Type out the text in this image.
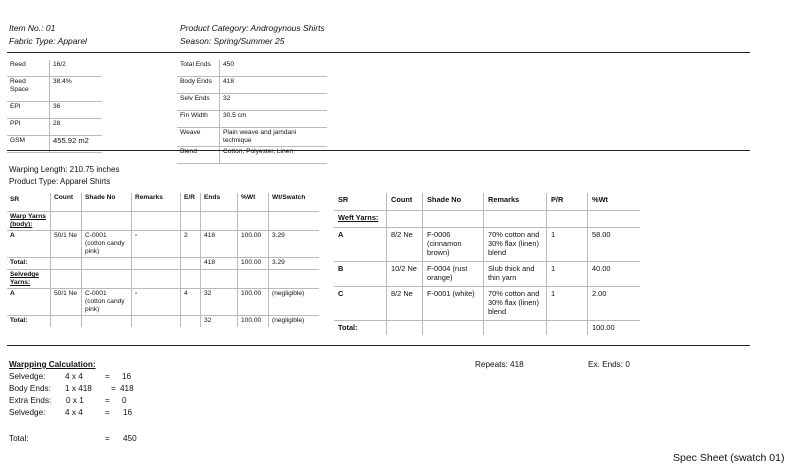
Item No.: 01
Fabric Type: Apparel
Product Category: Androgynous Shirts
Season: Spring/Summer 25
Reed	16/2
Reed Space	38.4%
EPI	36
PPI	28
GSM	455.92 m2
Total Ends	450
Body Ends	418
Selv Ends	32
Fin Width	30.5 cm
Weave	Plain weave and jamdani technique
Blend	Cotton, Polyester, Linen
Warping Length: 210.75 inches
Product Type: Apparel Shirts
SR	Count	Shade No	Remarks	E/R	Ends	%Wt	Wt/Swatch
Warp Yarns (body):							
A	50/1 Ne	C-0001 (cotton candy pink)	-	2	418	100.00	3.29
Total:					418	100.00	3.29
Selvedge Yarns:							
A	50/1 Ne	C-0001 (cotton candy pink)	-	4	32	100.00	(negligible)
Total:					32	100.00	(negligible)
SR	Count	Shade No	Remarks	P/R	%Wt
Weft Yarns:					
A	8/2 Ne	F-0006 (cinnamon brown)	70% cotton and 30% flax (linen) blend	1	58.00
B	10/2 Ne	F-0004 (rust orange)	Slub thick and thin yarn	1	40.00
C	8/2 Ne	F-0001 (white)	70% cotton and 30% flax (linen) blend	1	2.00
Total:					100.00
Warpping Calculation:
Selvedge: 4 x 4	= 16
Body Ends: 1 x 418 = 418
Extra Ends: 0 x 1	= 0
Selvedge: 4 x 4	= 16
Total:	= 450
Repeats: 418	Ex. Ends: 0
Spec Sheet (swatch 01)
